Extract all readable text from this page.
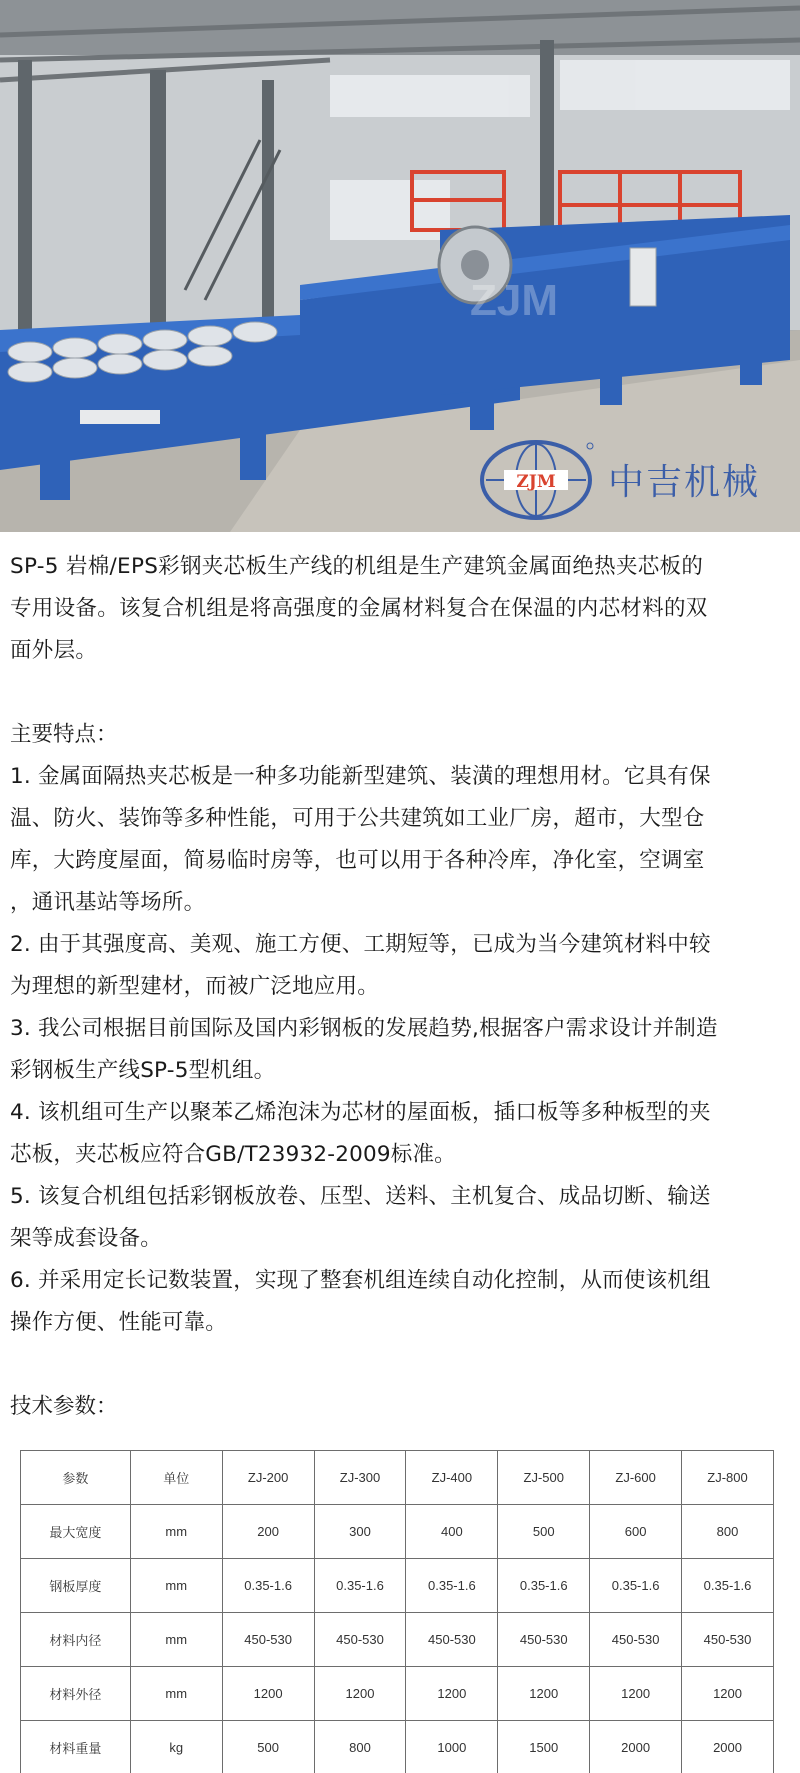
ZJM
ZJM 中吉机械
SP-5 岩棉/EPS彩钢夹芯板生产线的机组是生产建筑金属面绝热夹芯板的
专用设备。该复合机组是将高强度的金属材料复合在保温的内芯材料的双
面外层。
主要特点：
1. 金属面隔热夹芯板是一种多功能新型建筑、装潢的理想用材。它具有保
温、防火、装饰等多种性能，可用于公共建筑如工业厂房，超市，大型仓
库，大跨度屋面，简易临时房等，也可以用于各种冷库，净化室，空调室
，通讯基站等场所。
2. 由于其强度高、美观、施工方便、工期短等，已成为当今建筑材料中较
为理想的新型建材，而被广泛地应用。
3. 我公司根据目前国际及国内彩钢板的发展趋势,根据客户需求设计并制造
彩钢板生产线SP-5型机组。
4. 该机组可生产以聚苯乙烯泡沫为芯材的屋面板，插口板等多种板型的夹
芯板，夹芯板应符合GB/T23932-2009标准。
5. 该复合机组包括彩钢板放卷、压型、送料、主机复合、成品切断、输送
架等成套设备。
6. 并采用定长记数装置，实现了整套机组连续自动化控制，从而使该机组
操作方便、性能可靠。
技术参数：
参数	单位	ZJ-200	ZJ-300	ZJ-400	ZJ-500	ZJ-600	ZJ-800
最大宽度	mm	200	300	400	500	600	800
钢板厚度	mm	0.35-1.6	0.35-1.6	0.35-1.6	0.35-1.6	0.35-1.6	0.35-1.6
材料内径	mm	450-530	450-530	450-530	450-530	450-530	450-530
材料外径	mm	1200	1200	1200	1200	1200	1200
材料重量	kg	500	800	1000	1500	2000	2000
